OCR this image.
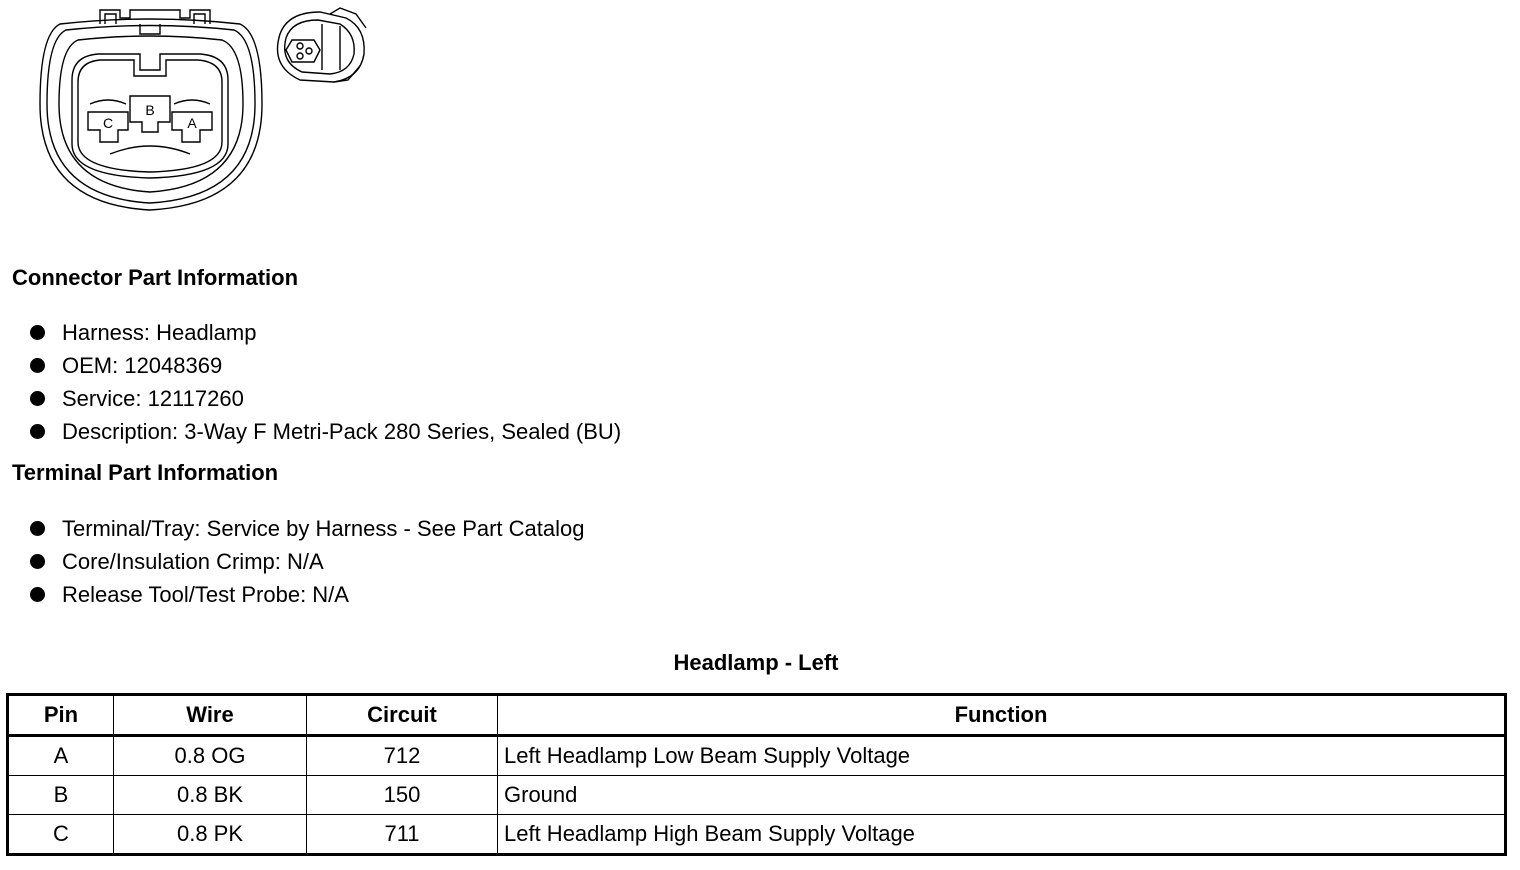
C
B
A
Connector Part Information
Harness: Headlamp
OEM: 12048369
Service: 12117260
Description: 3-Way F Metri-Pack 280 Series, Sealed (BU)
Terminal Part Information
Terminal/Tray: Service by Harness - See Part Catalog
Core/Insulation Crimp: N/A
Release Tool/Test Probe: N/A
Headlamp - Left
Pin	Wire	Circuit	Function
A	0.8 OG	712	Left Headlamp Low Beam Supply Voltage
B	0.8 BK	150	Ground
C	0.8 PK	711	Left Headlamp High Beam Supply Voltage
